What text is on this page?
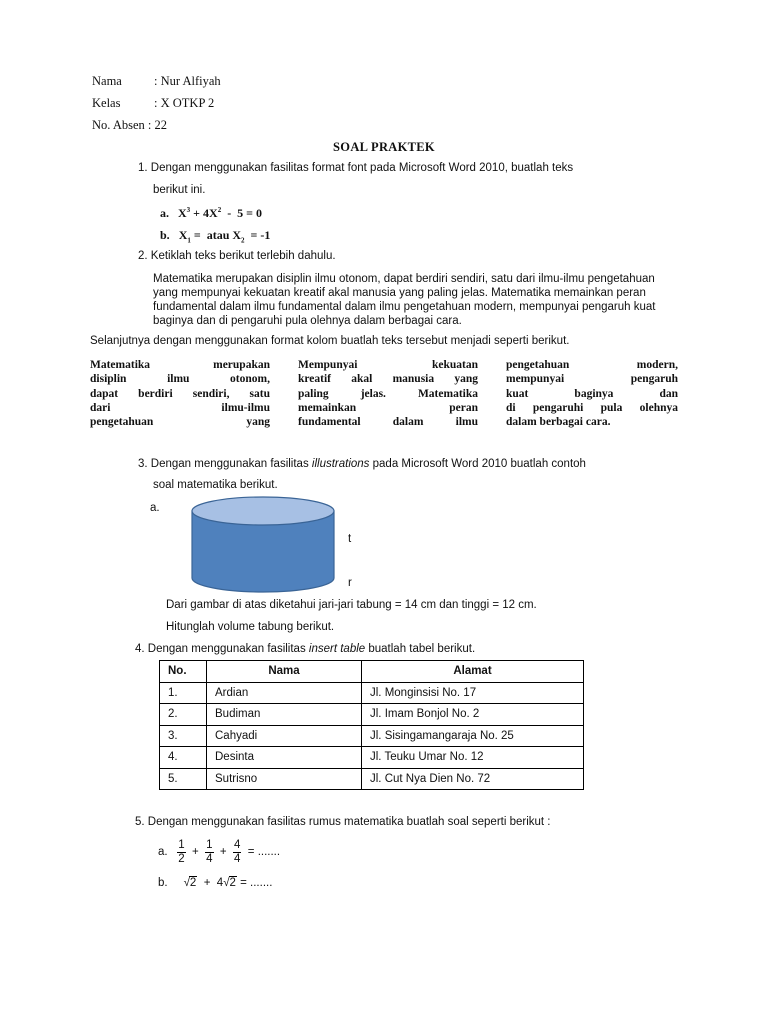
Nama	: Nur Alfiyah
Kelas	: X OTKP 2
No. Absen : 22
SOAL PRAKTEK
1. Dengan menggunakan fasilitas format font pada Microsoft Word 2010, buatlah teks
berikut ini.
a.   $X^3 + 4X^2 - 5 = 0$
b.   $X_1$ =  atau $X_2 = -1$
2. Ketiklah teks berikut terlebih dahulu.
Matematika merupakan disiplin ilmu otonom, dapat berdiri sendiri, satu dari ilmu-ilmu pengetahuan yang mempunyai kekuatan kreatif akal manusia yang paling jelas. Matematika memainkan peran fundamental dalam ilmu fundamental dalam ilmu pengetahuan modern, mempunyai pengaruh kuat baginya dan di pengaruhi pula olehnya dalam berbagai cara.
Selanjutnya dengan menggunakan format kolom buatlah teks tersebut menjadi seperti berikut.
Matematika merupakan
disiplin ilmu otonom,
dapat berdiri sendiri, satu
dari ilmu-ilmu
pengetahuan yang
Mempunyai kekuatan
kreatif akal manusia yang
paling jelas. Matematika
memainkan peran
fundamental dalam ilmu
pengetahuan modern,
mempunyai pengaruh
kuat baginya dan
di pengaruhi pula olehnya
dalam berbagai cara.
3. Dengan menggunakan fasilitas illustrations pada Microsoft Word 2010 buatlah contoh
soal matematika berikut.
a.
t
r
Dari gambar di atas diketahui jari-jari tabung = 14 cm dan tinggi = 12 cm.
Hitunglah volume tabung berikut.
4. Dengan menggunakan fasilitas insert table buatlah tabel berikut.
No.	Nama	Alamat
1.	Ardian	Jl. Monginsisi No. 17
2.	Budiman	Jl. Imam Bonjol No. 2
3.	Cahyadi	Jl. Sisingamangaraja No. 25
4.	Desinta	Jl. Teuku Umar No. 12
5.	Sutrisno	Jl. Cut Nya Dien No. 72
5. Dengan menggunakan fasilitas rumus matematika buatlah soal seperti berikut :
a. $\frac{1}{2} + \frac{1}{4} + \frac{4}{4}$ = .......
b.     √2 + 4√2 = .......
